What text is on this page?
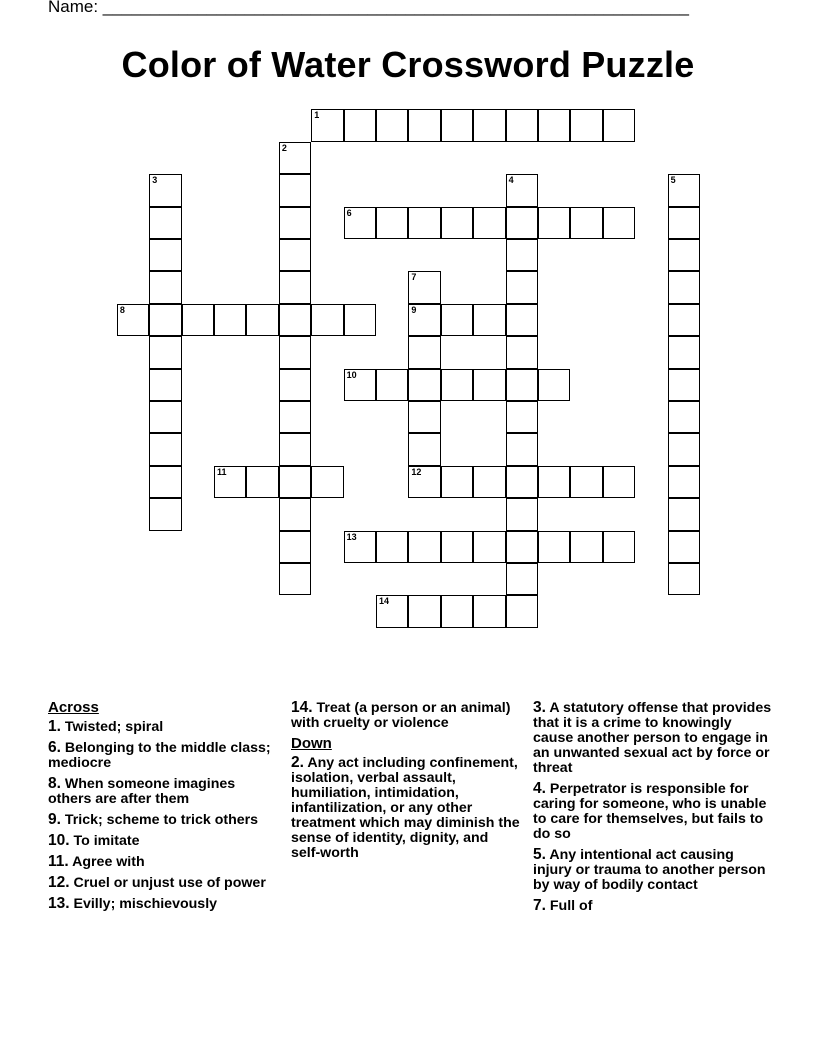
Name: ______________________________________________________________
Color of Water Crossword Puzzle
1
2
3	4	5
6
7
9
12
8
10
11
13
14
Across
1. Twisted; spiral
6. Belonging to the middle class; mediocre
8. When someone imagines others are after them
9. Trick; scheme to trick others
10. To imitate
11. Agree with
12. Cruel or unjust use of power
13. Evilly; mischievously
14. Treat (a person or an animal) with cruelty or violence
Down
2. Any act including confinement, isolation, verbal assault, humiliation, intimidation, infantilization, or any other treatment which may diminish the sense of identity, dignity, and self-worth
3. A statutory offense that provides that it is a crime to knowingly cause another person to engage in an unwanted sexual act by force or threat
4. Perpetrator is responsible for caring for someone, who is unable to care for themselves, but fails to do so
5. Any intentional act causing injury or trauma to another person by way of bodily contact
7. Full of
